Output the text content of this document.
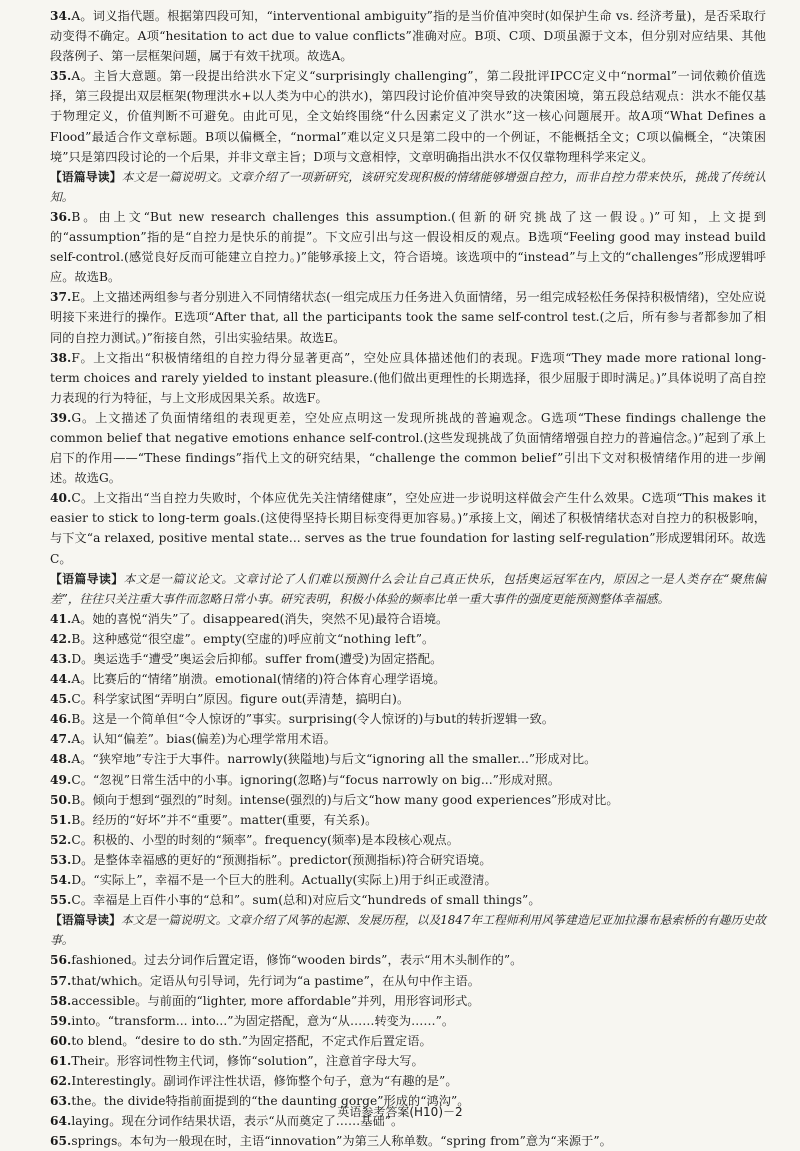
34.A。词义指代题。根据第四段可知，“interventional ambiguity”指的是当价值冲突时(如保护生命 vs. 经济考量)，是否采取行动变得不确定。A项“hesitation to act due to value conflicts”准确对应。B项、C项、D项虽源于文本，但分别对应结果、其他段落例子、第一层框架问题，属于有效干扰项。故选A。

35.A。主旨大意题。第一段提出给洪水下定义“surprisingly challenging”，第二段批评IPCC定义中“normal”一词依赖价值选择，第三段提出双层框架(物理洪水+以人类为中心的洪水)，第四段讨论价值冲突导致的决策困境，第五段总结观点：洪水不能仅基于物理定义，价值判断不可避免。由此可见，全文始终围绕“什么因素定义了洪水”这一核心问题展开。故A项“What Defines a Flood”最适合作文章标题。B项以偏概全，“normal”难以定义只是第二段中的一个例证，不能概括全文；C项以偏概全，“决策困境”只是第四段讨论的一个后果，并非文章主旨；D项与文意相悖，文章明确指出洪水不仅仅靠物理科学来定义。

【语篇导读】本文是一篇说明文。文章介绍了一项新研究，该研究发现积极的情绪能够增强自控力，而非自控力带来快乐，挑战了传统认知。

36.B。由上文“But new research challenges this assumption.(但新的研究挑战了这一假设。)”可知，上文提到的“assumption”指的是“自控力是快乐的前提”。下文应引出与这一假设相反的观点。B选项“Feeling good may instead build self-control.(感觉良好反而可能建立自控力。)”能够承接上文，符合语境。该选项中的“instead”与上文的“challenges”形成逻辑呼应。故选B。

37.E。上文描述两组参与者分别进入不同情绪状态(一组完成压力任务进入负面情绪，另一组完成轻松任务保持积极情绪)，空处应说明接下来进行的操作。E选项“After that, all the participants took the same self-control test.(之后，所有参与者都参加了相同的自控力测试。)”衔接自然，引出实验结果。故选E。

38.F。上文指出“积极情绪组的自控力得分显著更高”，空处应具体描述他们的表现。F选项“They made more rational long-term choices and rarely yielded to instant pleasure.(他们做出更理性的长期选择，很少屈服于即时满足。)”具体说明了高自控力表现的行为特征，与上文形成因果关系。故选F。

39.G。上文描述了负面情绪组的表现更差，空处应点明这一发现所挑战的普遍观念。G选项“These findings challenge the common belief that negative emotions enhance self-control.(这些发现挑战了负面情绪增强自控力的普遍信念。)”起到了承上启下的作用——“These findings”指代上文的研究结果，“challenge the common belief”引出下文对积极情绪作用的进一步阐述。故选G。

40.C。上文指出“当自控力失败时，个体应优先关注情绪健康”，空处应进一步说明这样做会产生什么效果。C选项“This makes it easier to stick to long-term goals.(这使得坚持长期目标变得更加容易。)”承接上文，阐述了积极情绪状态对自控力的积极影响，与下文“a relaxed, positive mental state... serves as the true foundation for lasting self-regulation”形成逻辑闭环。故选C。

【语篇导读】本文是一篇议论文。文章讨论了人们难以预测什么会让自己真正快乐，包括奥运冠军在内，原因之一是人类存在“聚焦偏差”，往往只关注重大事件而忽略日常小事。研究表明，积极小体验的频率比单一重大事件的强度更能预测整体幸福感。

41.A。她的喜悦“消失”了。disappeared(消失，突然不见)最符合语境。

42.B。这种感觉“很空虚”。empty(空虚的)呼应前文“nothing left”。

43.D。奥运选手“遭受”奥运会后抑郁。suffer from(遭受)为固定搭配。

44.A。比赛后的“情绪”崩溃。emotional(情绪的)符合体育心理学语境。

45.C。科学家试图“弄明白”原因。figure out(弄清楚，搞明白)。

46.B。这是一个简单但“令人惊讶的”事实。surprising(令人惊讶的)与but的转折逻辑一致。

47.A。认知“偏差”。bias(偏差)为心理学常用术语。

48.A。“狭窄地”专注于大事件。narrowly(狭隘地)与后文“ignoring all the smaller...”形成对比。

49.C。“忽视”日常生活中的小事。ignoring(忽略)与“focus narrowly on big...”形成对照。

50.B。倾向于想到“强烈的”时刻。intense(强烈的)与后文“how many good experiences”形成对比。

51.B。经历的“好坏”并不“重要”。matter(重要，有关系)。

52.C。积极的、小型的时刻的“频率”。frequency(频率)是本段核心观点。

53.D。是整体幸福感的更好的“预测指标”。predictor(预测指标)符合研究语境。

54.D。“实际上”，幸福不是一个巨大的胜利。Actually(实际上)用于纠正或澄清。

55.C。幸福是上百件小事的“总和”。sum(总和)对应后文“hundreds of small things”。

【语篇导读】本文是一篇说明文。文章介绍了风筝的起源、发展历程，以及1847年工程师利用风筝建造尼亚加拉瀑布悬索桥的有趣历史故事。

56.fashioned。过去分词作后置定语，修饰“wooden birds”，表示“用木头制作的”。

57.that/which。定语从句引导词，先行词为“a pastime”，在从句中作主语。

58.accessible。与前面的“lighter, more affordable”并列，用形容词形式。

59.into。“transform... into...”为固定搭配，意为“从……转变为……”。

60.to blend。“desire to do sth.”为固定搭配，不定式作后置定语。

61.Their。形容词性物主代词，修饰“solution”，注意首字母大写。

62.Interestingly。副词作评注性状语，修饰整个句子，意为“有趣的是”。

63.the。the divide特指前面提到的“the daunting gorge”形成的“鸿沟”。

64.laying。现在分词作结果状语，表示“从而奠定了……基础”。

65.springs。本句为一般现在时，主语“innovation”为第三人称单数。“spring from”意为“来源于”。

英语参考答案(H10)－2
